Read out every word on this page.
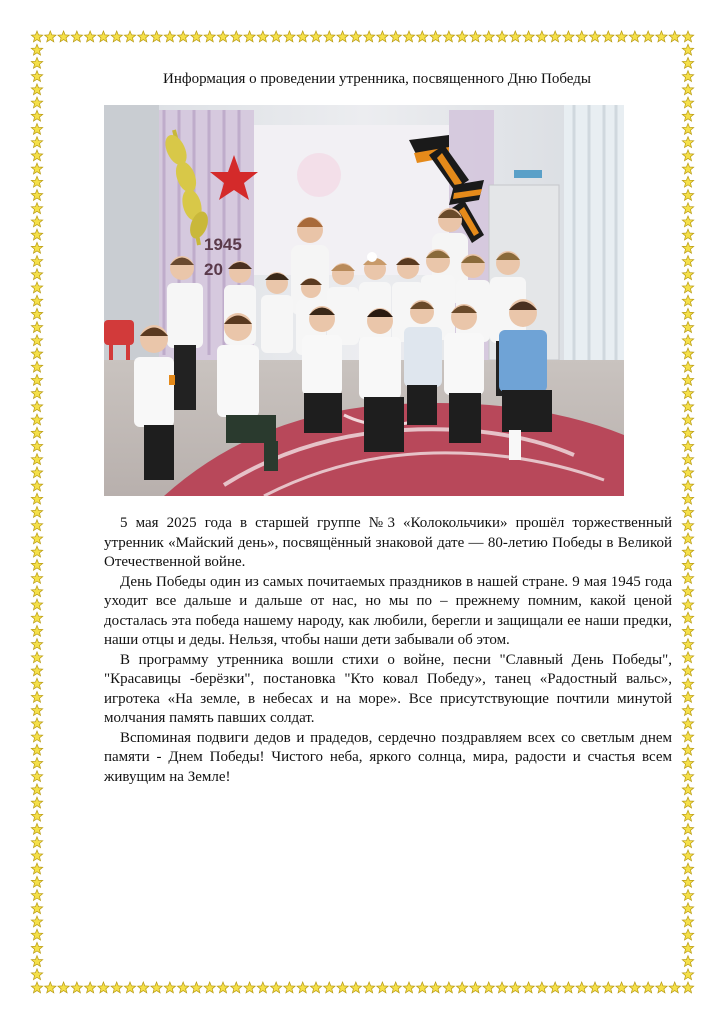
Информация о проведении утренника, посвященного Дню Победы
1945
20

5 мая 2025 года в старшей группе №3 «Колокольчики» прошёл торжественный утренник «Майский день», посвящённый знаковой дате — 80-летию Победы в Великой Отечественной войне.

День Победы один из самых почитаемых праздников в нашей стране. 9 мая 1945 года уходит все дальше и дальше от нас, но мы по – прежнему помним, какой ценой досталась эта победа нашему народу, как любили, берегли и защищали ее наши предки, наши отцы и деды. Нельзя, чтобы наши дети забывали об этом.

В программу утренника вошли стихи о войне, песни "Славный День Победы", "Красавицы -берёзки", постановка "Кто ковал Победу», танец «Радостный вальс», игротека «На земле, в небесах и на море». Все присутствующие почтили минутой молчания память павших солдат.

Вспоминая подвиги дедов и прадедов, сердечно поздравляем всех со светлым днем памяти - Днем Победы! Чистого неба, яркого солнца, мира, радости и счастья всем живущим на Земле!
